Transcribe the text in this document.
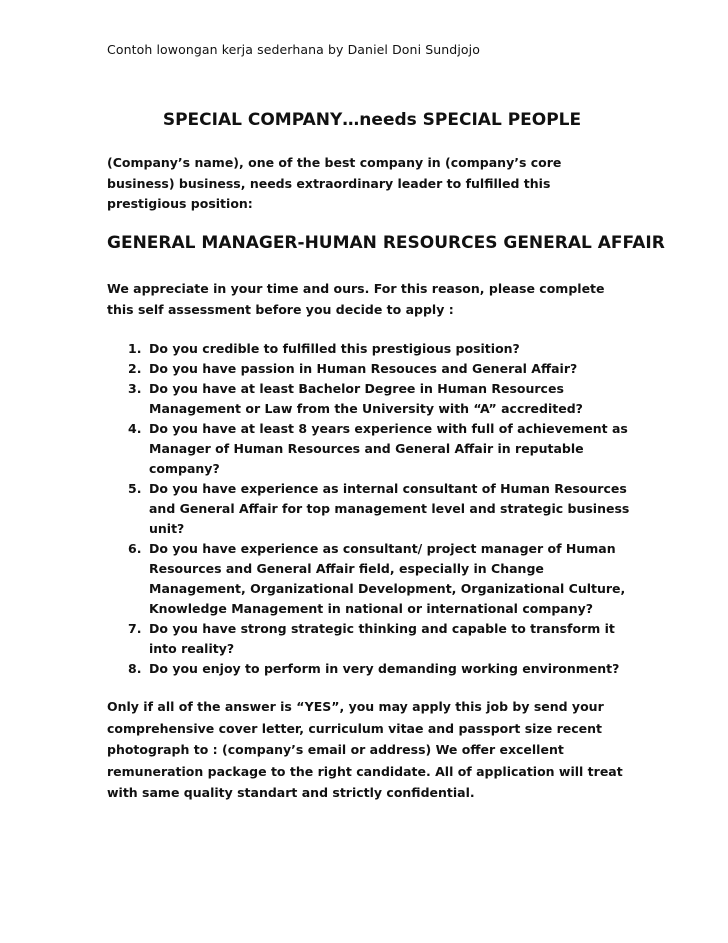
Contoh lowongan kerja sederhana by Daniel Doni Sundjojo
SPECIAL COMPANY…needs SPECIAL PEOPLE

(Company’s name), one of the best company in (company’s core business) business, needs extraordinary leader to fulfilled this prestigious position:

GENERAL MANAGER-HUMAN RESOURCES GENERAL AFFAIR

We appreciate in your time and ours. For this reason, please complete this self assessment before you decide to apply :

1. Do you credible to fulfilled this prestigious position?
2. Do you have passion in Human Resouces and General Affair?
3. Do you have at least Bachelor Degree in Human Resources Management or Law from the University with “A” accredited?
4. Do you have at least 8 years experience with full of achievement as Manager of Human Resources and General Affair in reputable company?
5. Do you have experience as internal consultant of Human Resources and General Affair for top management level and strategic business unit?
6. Do you have experience as consultant/ project manager of Human Resources and General Affair field, especially in Change Management, Organizational Development, Organizational Culture, Knowledge Management in national or international company?
7. Do you have strong strategic thinking and capable to transform it into reality?
8. Do you enjoy to perform in very demanding working environment?

Only if all of the answer is “YES”, you may apply this job by send your comprehensive cover letter, curriculum vitae and passport size recent photograph to : (company’s email or address) We offer excellent remuneration package to the right candidate. All of application will treat with same quality standart and strictly confidential.
